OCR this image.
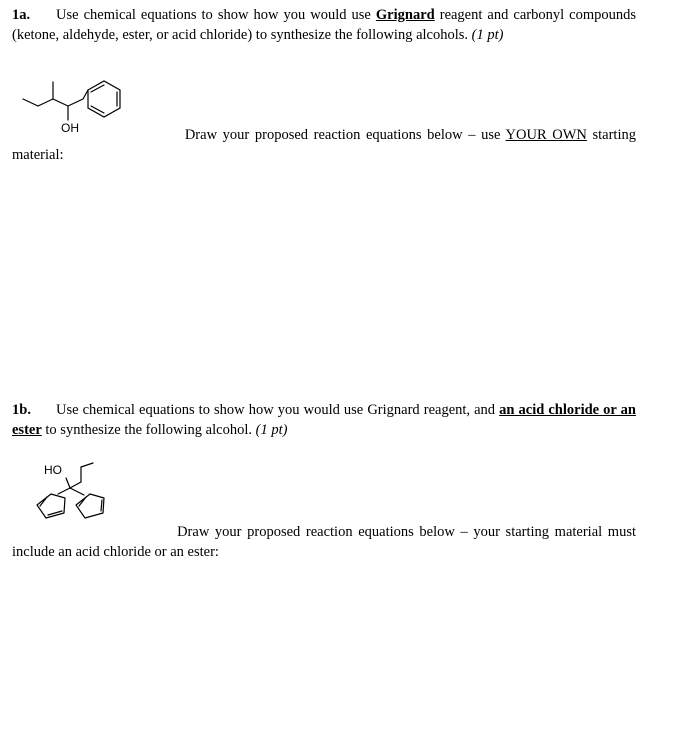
1a. Use chemical equations to show how you would use Grignard reagent and carbonyl compounds (ketone, aldehyde, ester, or acid chloride) to synthesize the following alcohols. (1 pt)
OH	Draw your proposed reaction equations below – use YOUR OWN starting
material:
1b. Use chemical equations to show how you would use Grignard reagent, and an acid chloride or an ester to synthesize the following alcohol. (1 pt)
HO
Draw your proposed reaction equations below – your starting material must
include an acid chloride or an ester:
